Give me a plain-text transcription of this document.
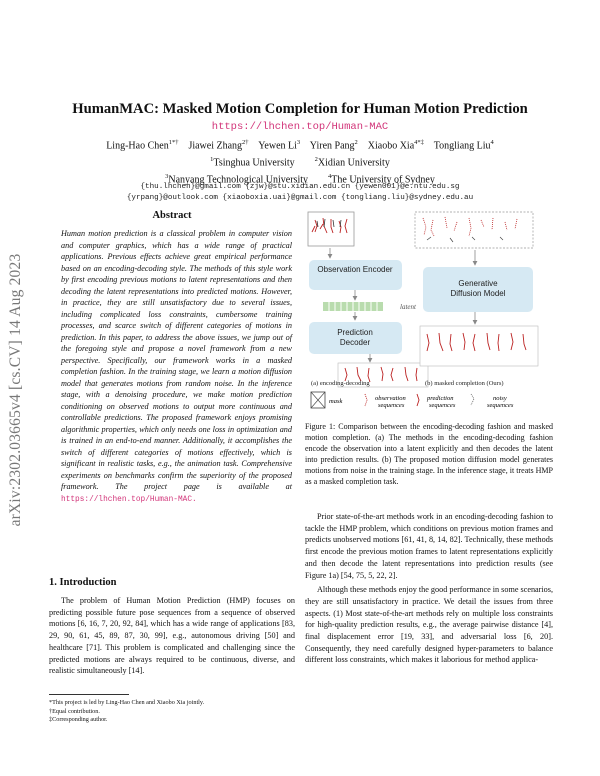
arXiv:2302.03665v4 [cs.CV] 14 Aug 2023
HumanMAC: Masked Motion Completion for Human Motion Prediction
https://lhchen.top/Human-MAC
Ling-Hao Chen$^{1*\dagger}$ Jiawei Zhang$^{2\dagger}$ Yewen Li$^3$ Yiren Pang$^2$ Xiaobo Xia$^{4*\ddagger}$ Tongliang Liu$^4$
$^1$Tsinghua University	$^2$Xidian University
$^3$Nanyang Technological University	$^4$The University of Sydney
{thu.lhchen}@gmail.com {zjw}@stu.xidian.edu.cn {yewen001}@e.ntu.edu.sg
{yrpang}@outlook.com {xiaoboxia.uai}@gmail.com {tongliang.liu}@sydney.edu.au
Abstract
Human motion prediction is a classical problem in computer vision and computer graphics, which has a wide range of practical applications. Previous effects achieve great empirical performance based on an encoding-decoding style. The methods of this style work by first encoding previous motions to latent representations and then decoding the latent representations into predicted motions. However, in practice, they are still unsatisfactory due to several issues, including complicated loss constraints, cumbersome training processes, and scarce switch of different categories of motions in prediction. In this paper, to address the above issues, we jump out of the foregoing style and propose a novel framework from a new perspective. Specifically, our framework works in a masked completion fashion. In the training stage, we learn a motion diffusion model that generates motions from random noise. In the inference stage, with a denoising procedure, we make motion prediction conditioning on observed motions to output more continuous and controllable predictions. The proposed framework enjoys promising algorithmic properties, which only needs one loss in optimization and is trained in an end-to-end manner. Additionally, it accomplishes the switch of different categories of motions effectively, which is significant in realistic tasks, e.g., the animation task. Comprehensive experiments on benchmarks confirm the superiority of the proposed framework. The project page is available at https://lhchen.top/Human-MAC.
1. Introduction

The problem of Human Motion Prediction (HMP) focuses on predicting possible future pose sequences from a sequence of observed motions [6, 16, 7, 20, 92, 84], which has a wide range of applications [83, 29, 90, 61, 45, 89, 87, 30, 99], e.g., autonomous driving [50] and healthcare [71]. This problem is complicated and challenging since the predicted motions are always required to be continuous, diverse, and realistic simultaneously [14].

*This project is led by Ling-Hao Chen and Xiaobo Xia jointly.
†Equal contribution.
‡Corresponding author.
Observation Encoder
latent
Prediction Decoder
Generative Diffusion Model
(a) encoding-decoding	(b) masked completion (Ours)
mask	observation sequences
prediction sequences
noisy sequences
Figure 1: Comparison between the encoding-decoding fashion and masked motion completion. (a) The methods in the encoding-decoding fashion encode the observation into a latent explicitly and then decodes the latent into prediction results. (b) The proposed motion diffusion model generates motions from noise in the training stage. In the inference stage, it treats HMP as a masked completion task.

Prior state-of-the-art methods work in an encoding-decoding fashion to tackle the HMP problem, which conditions on previous motion frames and predicts unobserved motions [61, 41, 8, 14, 82]. Technically, these methods first encode the previous motion frames to latent representations explicitly and then decode the latent representations into prediction results (see Figure 1a) [54, 75, 5, 22, 2].

Although these methods enjoy the good performance in some scenarios, they are still unsatisfactory in practice. We detail the issues from three aspects. (1) Most state-of-the-art methods rely on multiple loss constraints for high-quality prediction results, e.g., the average pairwise distance [4], final displacement error [19, 33], and adversarial loss [6, 20]. Consequently, they need carefully designed hyper-parameters to balance different loss constraints, which makes it laborious for method applica-
